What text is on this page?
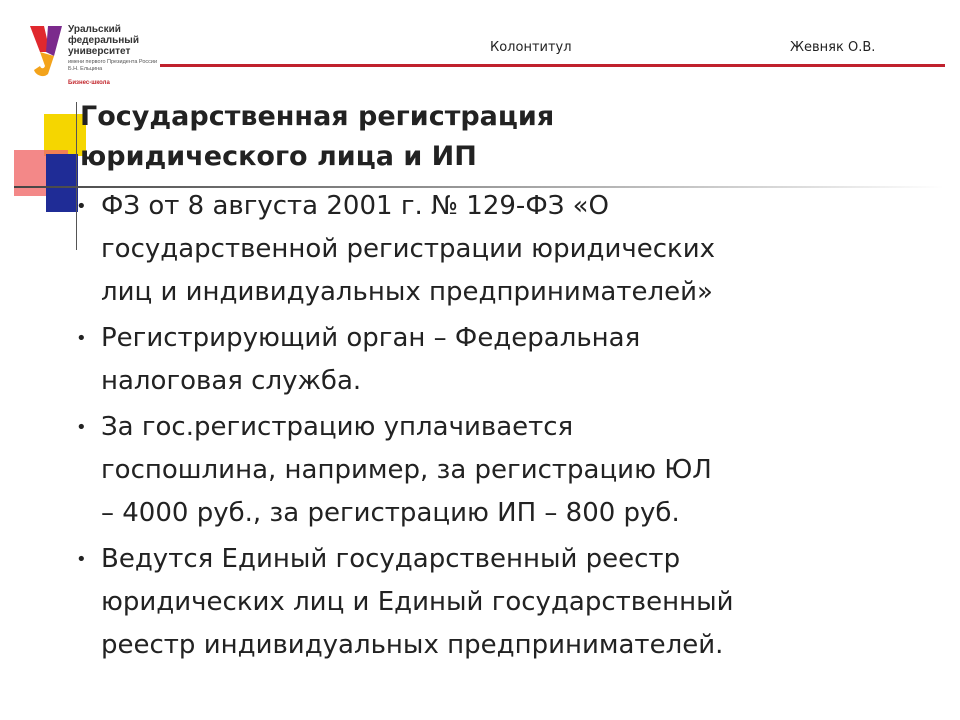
Уральский
федеральный
университет
имени первого Президента России Б.Н. Ельцина
Бизнес-школа
Колонтитул	Жевняк О.В.
Государственная регистрация
юридического лица и ИП
• ФЗ от 8 августа 2001 г. № 129-ФЗ «О
государственной регистрации юридических
лиц и индивидуальных предпринимателей»
• Регистрирующий орган – Федеральная
налоговая служба.
• За гос.регистрацию уплачивается
госпошлина, например, за регистрацию ЮЛ
– 4000 руб., за регистрацию ИП – 800 руб.
• Ведутся Единый государственный реестр
юридических лиц и Единый государственный
реестр индивидуальных предпринимателей.
